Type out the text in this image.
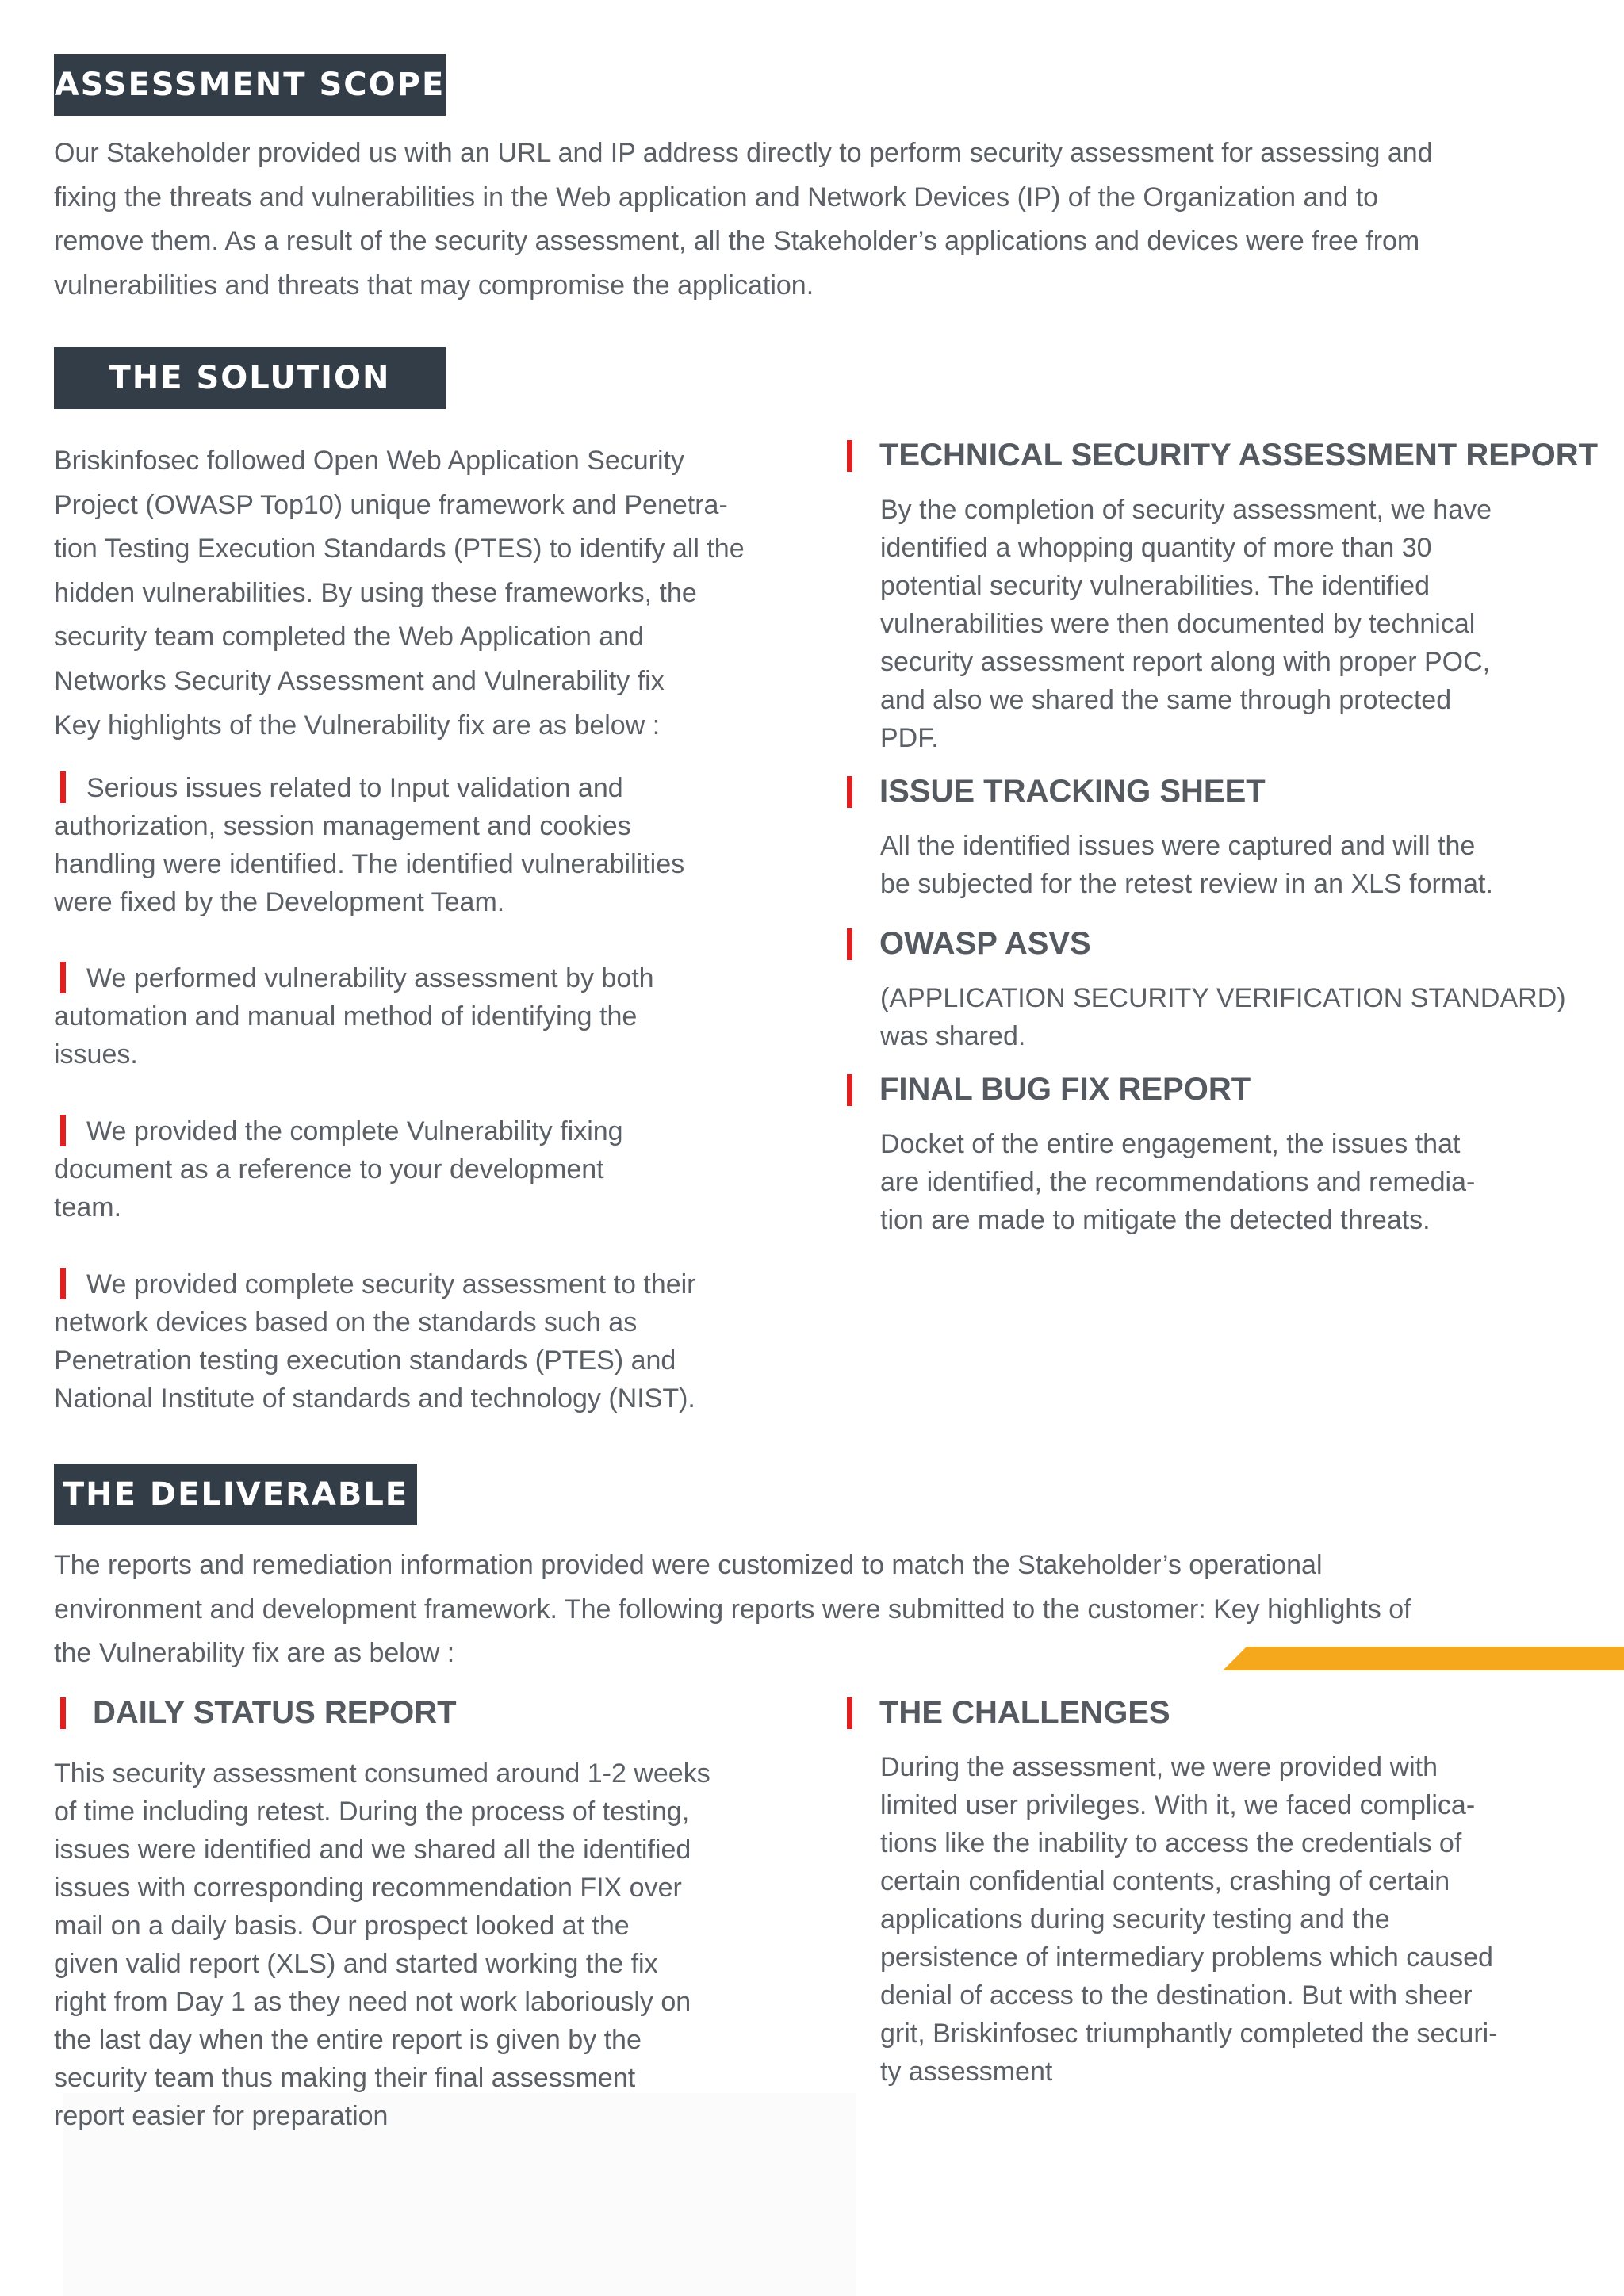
ASSESSMENT SCOPE
Our Stakeholder provided us with an URL and IP address directly to perform security assessment for assessing and
fixing the threats and vulnerabilities in the Web application and Network Devices (IP) of the Organization and to
remove them. As a result of the security assessment, all the Stakeholder’s applications and devices were free from
vulnerabilities and threats that may compromise the application.
THE SOLUTION
Briskinfosec followed Open Web Application Security
Project (OWASP Top10) unique framework and Penetra-
tion Testing Execution Standards (PTES) to identify all the
hidden vulnerabilities. By using these frameworks, the
security team completed the Web Application and
Networks Security Assessment and Vulnerability fix
Key highlights of the Vulnerability fix are as below :
Serious issues related to Input validation and
authorization, session management and cookies
handling were identified. The identified vulnerabilities
were fixed by the Development Team.
We performed vulnerability assessment by both
automation and manual method of identifying the
issues.
We provided the complete Vulnerability fixing
document as a reference to your development
team.
We provided complete security assessment to their
network devices based on the standards such as
Penetration testing execution standards (PTES) and
National Institute of standards and technology (NIST).
TECHNICAL SECURITY ASSESSMENT REPORT
By the completion of security assessment, we have
identified a whopping quantity of more than 30
potential security vulnerabilities. The identified
vulnerabilities were then documented by technical
security assessment report along with proper POC,
and also we shared the same through protected
PDF.
ISSUE TRACKING SHEET
All the identified issues were captured and will the
be subjected for the retest review in an XLS format.
OWASP ASVS
(APPLICATION SECURITY VERIFICATION STANDARD)
was shared.
FINAL BUG FIX REPORT
Docket of the entire engagement, the issues that
are identified, the recommendations and remedia-
tion are made to mitigate the detected threats.
THE DELIVERABLE
The reports and remediation information provided were customized to match the Stakeholder’s operational
environment and development framework. The following reports were submitted to the customer: Key highlights of
the Vulnerability fix are as below :
DAILY STATUS REPORT
This security assessment consumed around 1-2 weeks
of time including retest. During the process of testing,
issues were identified and we shared all the identified
issues with corresponding recommendation FIX over
mail on a daily basis. Our prospect looked at the
given valid report (XLS) and started working the fix
right from Day 1 as they need not work laboriously on
the last day when the entire report is given by the
security team thus making their final assessment
report easier for preparation
THE CHALLENGES
During the assessment, we were provided with
limited user privileges. With it, we faced complica-
tions like the inability to access the credentials of
certain confidential contents, crashing of certain
applications during security testing and the
persistence of intermediary problems which caused
denial of access to the destination. But with sheer
grit, Briskinfosec triumphantly completed the securi-
ty assessment
